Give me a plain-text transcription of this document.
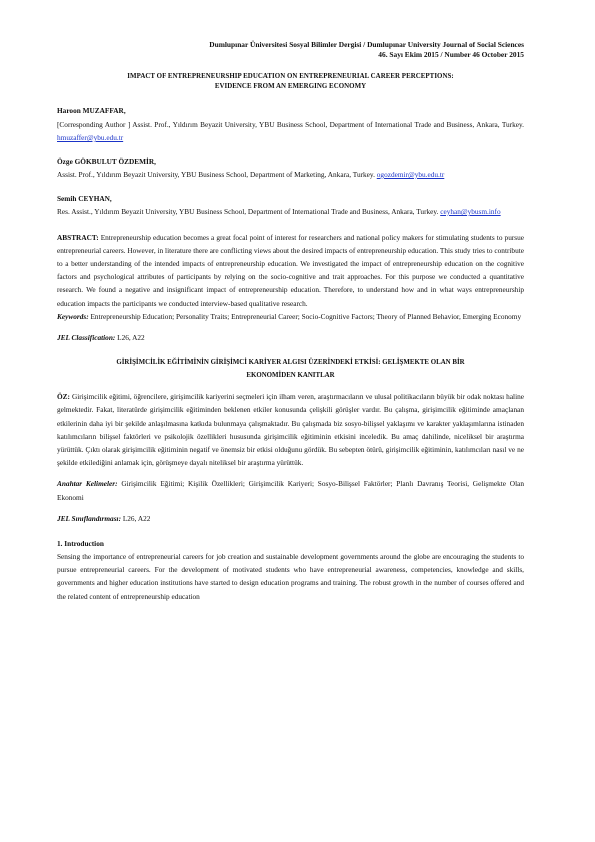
Dumlupınar Üniversitesi Sosyal Bilimler Dergisi / Dumlupınar University Journal of Social Sciences
46. Sayı Ekim 2015 / Number 46 October 2015
IMPACT OF ENTREPRENEURSHIP EDUCATION ON ENTREPRENEURIAL CAREER PERCEPTIONS:
EVIDENCE FROM AN EMERGING ECONOMY
Haroon MUZAFFAR,
[Corresponding Author ] Assist. Prof., Yıldırım Beyazit University, YBU Business School, Department of International Trade and Business, Ankara, Turkey. hmuzaffer@ybu.edu.tr
Özge GÖKBULUT ÖZDEMİR,
Assist. Prof., Yıldırım Beyazit University, YBU Business School, Department of Marketing, Ankara, Turkey. ogozdemir@ybu.edu.tr
Semih CEYHAN,
Res. Assist., Yıldırım Beyazit University, YBU Business School, Department of International Trade and Business, Ankara, Turkey. ceyhan@ybusm.info
ABSTRACT: Entrepreneurship education becomes a great focal point of interest for researchers and national policy makers for stimulating students to pursue entrepreneurial careers. However, in literature there are conflicting views about the desired impacts of entrepreneurship education. This study tries to contribute to a better understanding of the intended impacts of entrepreneurship education. We investigated the impact of entrepreneurship education on the cognitive factors and psychological attributes of participants by relying on the socio-cognitive and trait approaches. For this purpose we conducted a quantitative research. We found a negative and insignificant impact of entrepreneurship education. Therefore, to understand how and in what ways entrepreneurship education impacts the participants we conducted interview-based qualitative research.
Keywords: Entrepreneurship Education; Personality Traits; Entrepreneurial Career; Socio-Cognitive Factors; Theory of Planned Behavior, Emerging Economy
JEL Classification: L26, A22
GİRİŞİMCİLİK EĞİTİMİNİN GİRİŞİMCİ KARİYER ALGISI ÜZERİNDEKİ ETKİSİ: GELİŞMEKTE OLAN BİR
EKONOMİDEN KANITLAR
ÖZ: Girişimcilik eğitimi, öğrencilere, girişimcilik kariyerini seçmeleri için ilham veren, araştırmacıların ve ulusal politikacıların büyük bir odak noktası haline gelmektedir. Fakat, literatürde girişimcilik eğitiminden beklenen etkiler konusunda çelişkili görüşler vardır. Bu çalışma, girişimcilik eğitiminde amaçlanan etkilerinin daha iyi bir şekilde anlaşılmasına katkıda bulunmaya çalışmaktadır. Bu çalışmada biz sosyo-bilişsel yaklaşımı ve karakter yaklaşımlarına istinaden katılımcıların bilişsel faktörleri ve psikolojik özellikleri hususunda girişimcilik eğitiminin etkisini inceledik. Bu amaç dahilinde, niceliksel bir araştırma yürüttük. Çıktı olarak girişimcilik eğitiminin negatif ve önemsiz bir etkisi olduğunu gördük. Bu sebepten ötürü, girişimcilik eğitiminin, katılımcıları nasıl ve ne şekilde etkilediğini anlamak için, görüşmeye dayalı niteliksel bir araştırma yürüttük.
Anahtar Kelimeler: Girişimcilik Eğitimi; Kişilik Özellikleri; Girişimcilik Kariyeri; Sosyo-Bilişsel Faktörler; Planlı Davranış Teorisi, Gelişmekte Olan Ekonomi
JEL Sınıflandırması: L26, A22
1. Introduction
Sensing the importance of entrepreneurial careers for job creation and sustainable development governments around the globe are encouraging the students to pursue entrepreneurial careers. For the development of motivated students who have entrepreneurial awareness, competencies, knowledge and skills, governments and higher education institutions have started to design education programs and training. The robust growth in the number of courses offered and the related content of entrepreneurship education
